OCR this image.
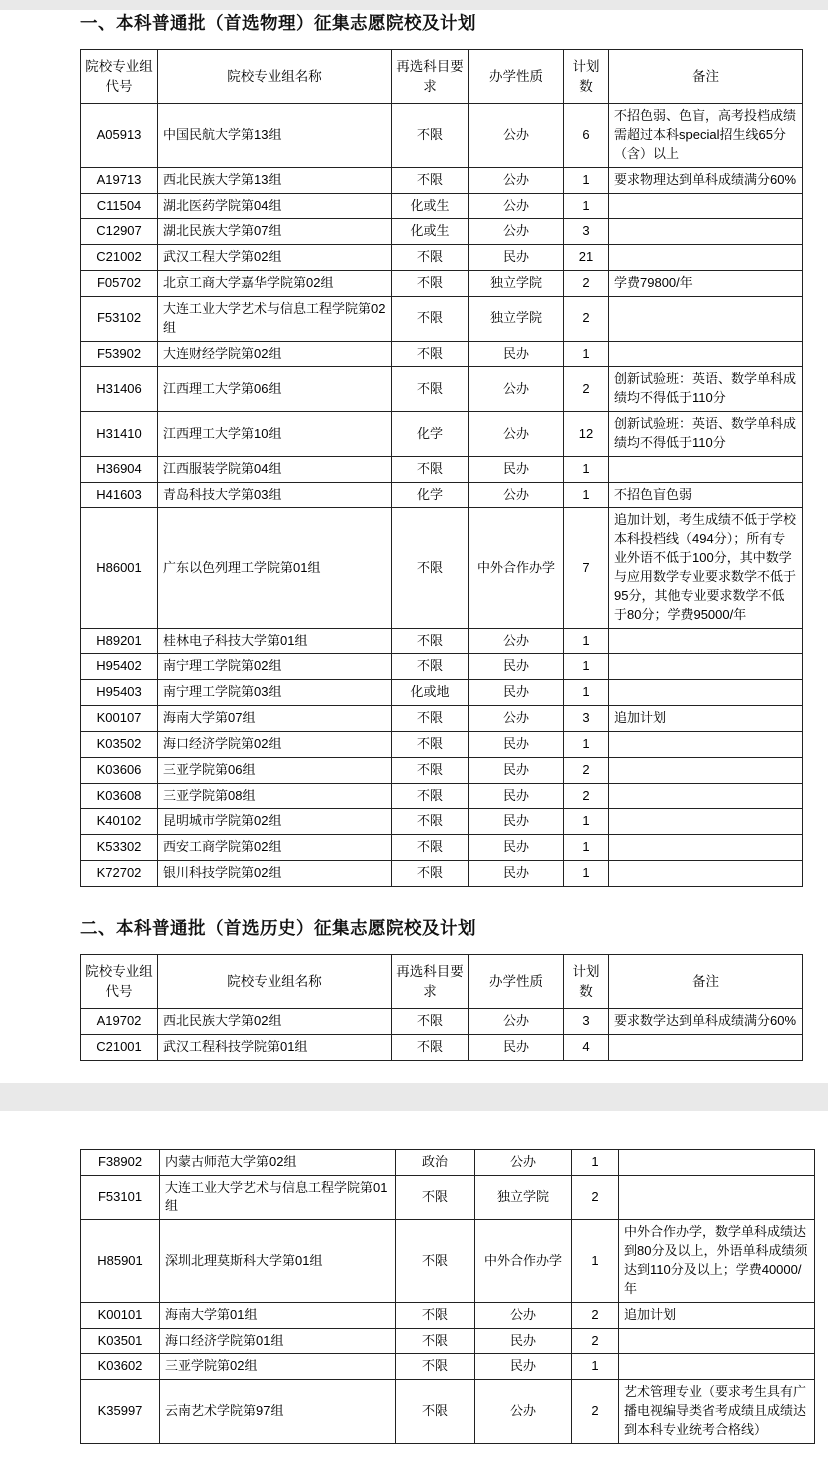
一、本科普通批（首选物理）征集志愿院校及计划
院校专业组代号	院校专业组名称	再选科目要求	办学性质	计划数	备注
A05913	中国民航大学第13组	不限	公办	6	不招色弱、色盲，高考投档成绩需超过本科special招生线65分（含）以上
A19713	西北民族大学第13组	不限	公办	1	要求物理达到单科成绩满分60%
C11504	湖北医药学院第04组	化或生	公办	1	
C12907	湖北民族大学第07组	化或生	公办	3	
C21002	武汉工程大学第02组	不限	民办	21	
F05702	北京工商大学嘉华学院第02组	不限	独立学院	2	学费79800/年
F53102	大连工业大学艺术与信息工程学院第02组	不限	独立学院	2	
F53902	大连财经学院第02组	不限	民办	1	
H31406	江西理工大学第06组	不限	公办	2	创新试验班：英语、数学单科成绩均不得低于110分
H31410	江西理工大学第10组	化学	公办	12	创新试验班：英语、数学单科成绩均不得低于110分
H36904	江西服装学院第04组	不限	民办	1	
H41603	青岛科技大学第03组	化学	公办	1	不招色盲色弱
H86001	广东以色列理工学院第01组	不限	中外合作办学	7	追加计划，考生成绩不低于学校本科投档线（494分）；所有专业外语不低于100分，其中数学与应用数学专业要求数学不低于95分，其他专业要求数学不低于80分；学费95000/年
H89201	桂林电子科技大学第01组	不限	公办	1	
H95402	南宁理工学院第02组	不限	民办	1	
H95403	南宁理工学院第03组	化或地	民办	1	
K00107	海南大学第07组	不限	公办	3	追加计划
K03502	海口经济学院第02组	不限	民办	1	
K03606	三亚学院第06组	不限	民办	2	
K03608	三亚学院第08组	不限	民办	2	
K40102	昆明城市学院第02组	不限	民办	1	
K53302	西安工商学院第02组	不限	民办	1	
K72702	银川科技学院第02组	不限	民办	1	
二、本科普通批（首选历史）征集志愿院校及计划
院校专业组代号	院校专业组名称	再选科目要求	办学性质	计划数	备注
A19702	西北民族大学第02组	不限	公办	3	要求数学达到单科成绩满分60%
C21001	武汉工程科技学院第01组	不限	民办	4	
F38902	内蒙古师范大学第02组	政治	公办	1	
F53101	大连工业大学艺术与信息工程学院第01组	不限	独立学院	2	
H85901	深圳北理莫斯科大学第01组	不限	中外合作办学	1	中外合作办学，数学单科成绩达到80分及以上，外语单科成绩须达到110分及以上；学费40000/年
K00101	海南大学第01组	不限	公办	2	追加计划
K03501	海口经济学院第01组	不限	民办	2	
K03602	三亚学院第02组	不限	民办	1	
K35997	云南艺术学院第97组	不限	公办	2	艺术管理专业（要求考生具有广播电视编导类省考成绩且成绩达到本科专业统考合格线）
